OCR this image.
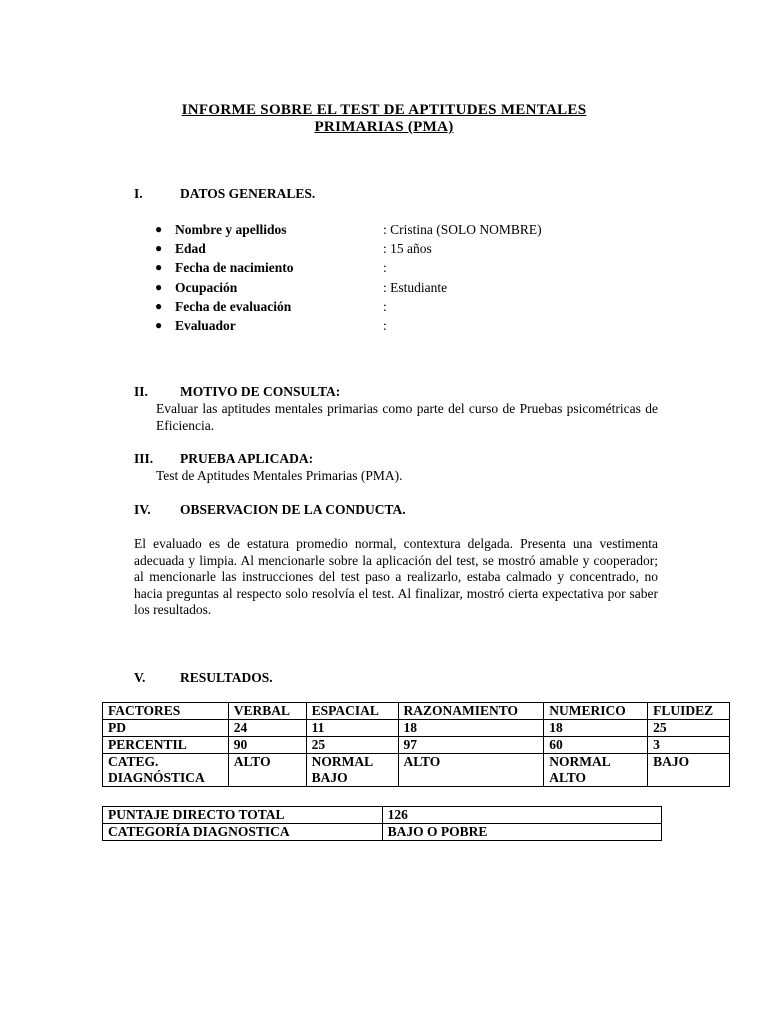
INFORME SOBRE EL TEST DE APTITUDES MENTALES
PRIMARIAS (PMA)
I.	DATOS GENERALES.
● Nombre y apellidos	: Cristina (SOLO NOMBRE)
● Edad	: 15 años
● Fecha de nacimiento	:
● Ocupación	: Estudiante
● Fecha de evaluación	:
● Evaluador	:
II. MOTIVO DE CONSULTA:
Evaluar las aptitudes mentales primarias como parte del curso de Pruebas psicométricas de Eficiencia.
III. PRUEBA APLICADA:
Test de Aptitudes Mentales Primarias (PMA).
IV. OBSERVACION DE LA CONDUCTA.
El evaluado es de estatura promedio normal, contextura delgada. Presenta una vestimenta adecuada y limpia. Al mencionarle sobre la aplicación del test, se mostró amable y cooperador; al mencionarle las instrucciones del test paso a realizarlo, estaba calmado y concentrado, no hacia preguntas al respecto solo resolvía el test. Al finalizar, mostró cierta expectativa por saber los resultados.
V.	RESULTADOS.
FACTORES	VERBAL	ESPACIAL	RAZONAMIENTO	NUMERICO	FLUIDEZ
PD	24	11	18	18	25
PERCENTIL	90	25	97	60	3
CATEG. DIAGNÓSTICA	ALTO	NORMAL BAJO	ALTO	NORMAL ALTO	BAJO
PUNTAJE DIRECTO TOTAL	126
CATEGORÍA DIAGNOSTICA	BAJO O POBRE
